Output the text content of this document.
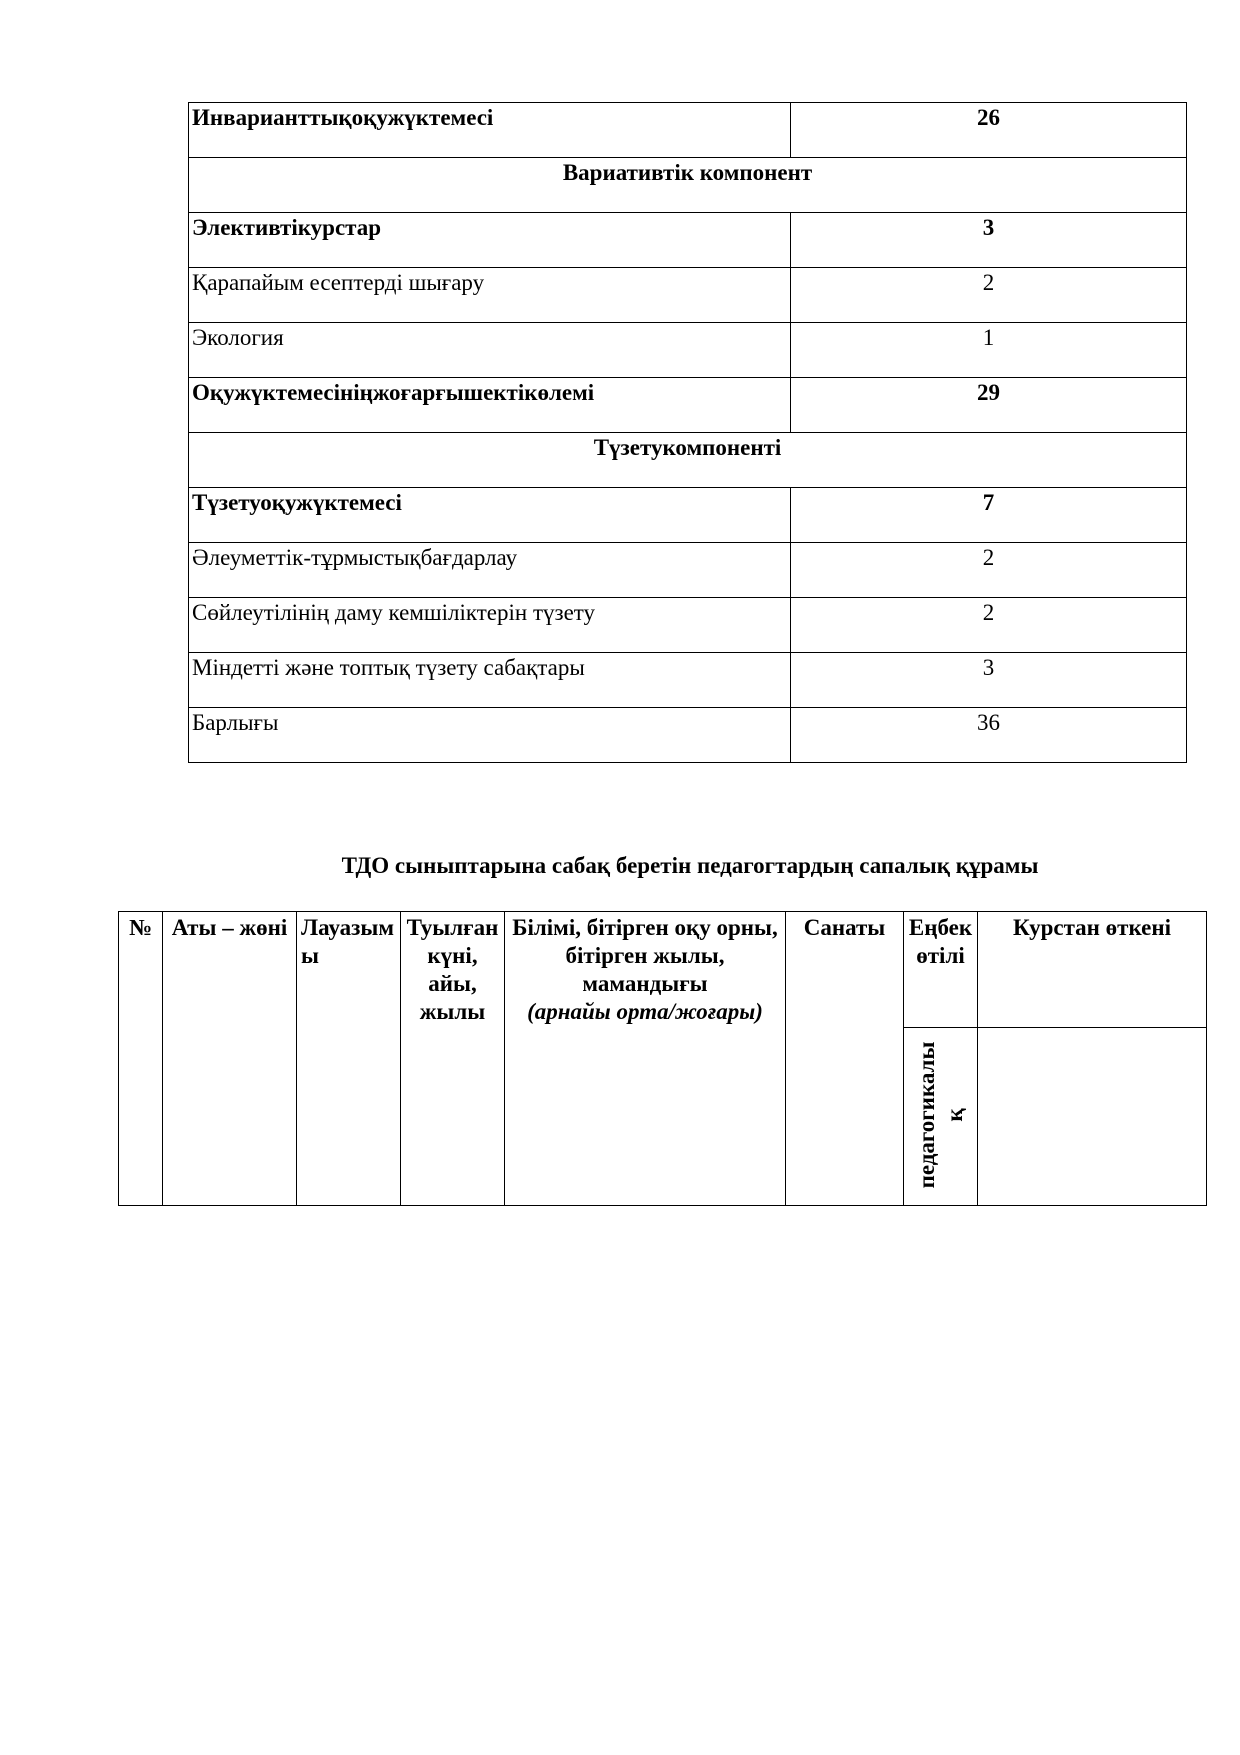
Инварианттықоқужүктемесі	26
Вариативтік компонент	
Элективтікурстар	3
Қарапайым есептерді шығару	2
Экология	1
Оқужүктемесініңжоғарғышектікөлемі	29
Түзетукомпоненті	
Түзетуоқужүктемесі	7
Әлеуметтік-тұрмыстықбағдарлау	2
Сөйлеутілінің даму кемшіліктерін түзету	2
Міндетті және топтық түзету сабақтары	3
Барлығы	36
ТДО сыныптарына сабақ беретін педагогтардың сапалық құрамы
№	Аты – жөні	Лауазымы	Туылған күні, айы, жылы	Білімі, бітірген оқу орны, бітірген жылы, мамандығы
(арнайы орта/жоғары)	Санаты	Еңбек өтілі	Курстан өткені

						педагогикалық	
